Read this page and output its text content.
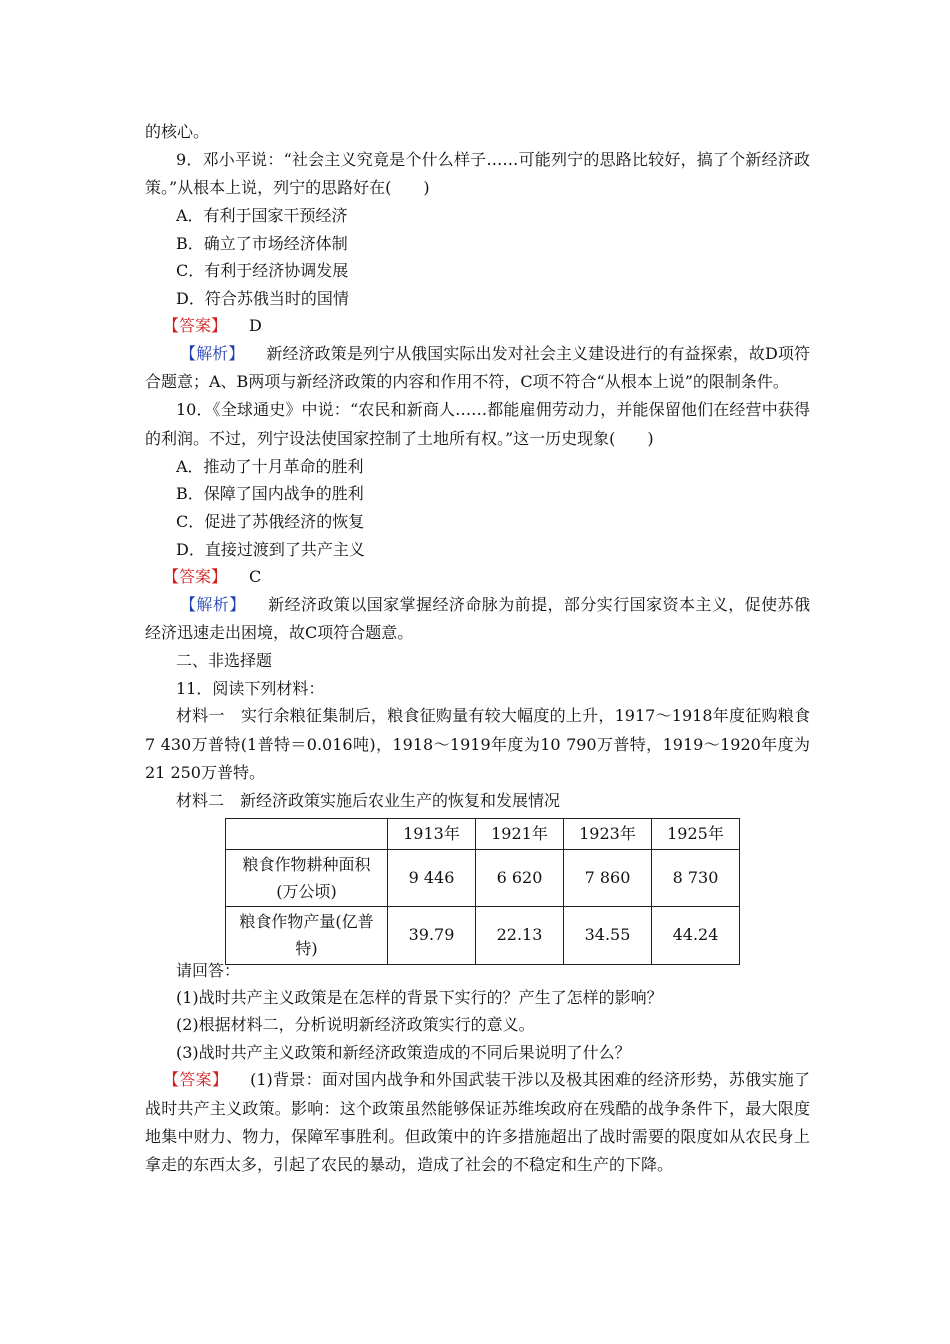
的核心。
9．邓小平说：“社会主义究竟是个什么样子……可能列宁的思路比较好，搞了个新经济政策。”从根本上说，列宁的思路好在(　　)
A．有利于国家干预经济
B．确立了市场经济体制
C．有利于经济协调发展
D．符合苏俄当时的国情
【答案】 D
【解析】 新经济政策是列宁从俄国实际出发对社会主义建设进行的有益探索，故D项符合题意；A、B两项与新经济政策的内容和作用不符，C项不符合“从根本上说”的限制条件。
10．《全球通史》中说：“农民和新商人……都能雇佣劳动力，并能保留他们在经营中获得的利润。不过，列宁设法使国家控制了土地所有权。”这一历史现象(　　)
A．推动了十月革命的胜利
B．保障了国内战争的胜利
C．促进了苏俄经济的恢复
D．直接过渡到了共产主义
【答案】 C
【解析】 新经济政策以国家掌握经济命脉为前提，部分实行国家资本主义，促使苏俄经济迅速走出困境，故C项符合题意。
二、非选择题
11．阅读下列材料：
材料一　实行余粮征集制后，粮食征购量有较大幅度的上升，1917～1918年度征购粮食7 430万普特(1普特＝0.016吨)，1918～1919年度为10 790万普特，1919～1920年度为21 250万普特。
材料二　新经济政策实施后农业生产的恢复和发展情况
	1913年	1921年	1923年	1925年
粮食作物耕种面积(万公顷)	9 446	6 620	7 860	8 730
粮食作物产量(亿普特)	39.79	22.13	34.55	44.24
请回答：
(1)战时共产主义政策是在怎样的背景下实行的？产生了怎样的影响？
(2)根据材料二，分析说明新经济政策实行的意义。
(3)战时共产主义政策和新经济政策造成的不同后果说明了什么？
【答案】 (1)背景：面对国内战争和外国武装干涉以及极其困难的经济形势，苏俄实施了战时共产主义政策。影响：这个政策虽然能够保证苏维埃政府在残酷的战争条件下，最大限度地集中财力、物力，保障军事胜利。但政策中的许多措施超出了战时需要的限度如从农民身上拿走的东西太多，引起了农民的暴动，造成了社会的不稳定和生产的下降。
